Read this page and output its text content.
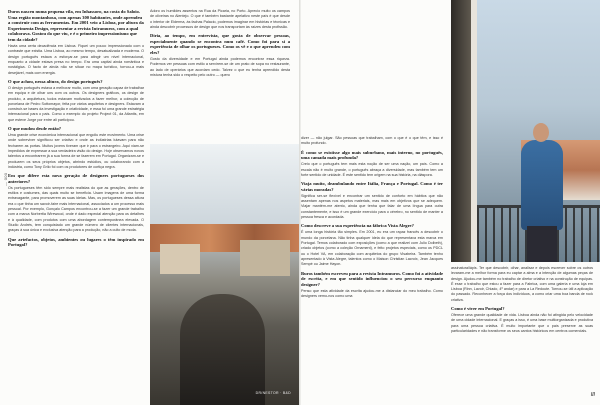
— 000

Duros nasceu numa pequena vila, em Inhassoro, na costa do Saloio. Uma região montanhosa, com apenas 300 habitantes, onde aprendeu a construir com as ferramentas. Em 2001 veio a Lisboa, por altura da Experimenta Design, representar a revista Intramuros, com a qual colaborava. Gostou do que viu, e é o primeiro impressionismo que tem da cidade?

Havia uma certa decadência em Lisboa. Fiquei um pouco impressionado com o contraste que existia. Uma Lisboa, ao mesmo tempo, desatualizada e moderna. O design português estava a esforçar-se para atingir um nível internacional, enquanto a cidade estava presa no tempo. Era uma capital ainda romântica e nostálgica. O facto de ainda não se situar no mapa turístico, tornou-a mais desejável, mais com energia.

O que achou, nessa altura, do design português?

O design português estava a melhorar muito, com uma geração capaz de trabalhar em equipa e de olhar uns com os outros. Os designers gráficos, os design de produto, a arquitetura, todos estavam motivados a fazer melhor, a colecção de porcelana de Pedro Sottomayor, feita por vários arquitetos e designers. Estavam a construir-se bases da investigação e criatividade, e essa foi uma grande estratégia internacional para o país. Como o exemplo do projeto Project 01, da Atlantis, em que esteve Jorge por entre ali participou.

O que mudou desde então?

Uma grande crise económica internacional que engoliu este movimento. Uma crise onde sobreviver significou ser criativo e onde as indústrias lutavam para não fecharem as portas. Muitos jovens tiveram que ir para o estrangeiro. Aqui viam-se impedidos de expressar a sua verdadeira visão do design. Hoje observamos novos talentos a encontrarem já a sua forma de se fazerem em Portugal. Organizam-se e produzem os seus próprios objetos, abrindo estúdios, ou colaborando com a indústria, como Tony Grilo foi com os produtores de cortiça negra.

Em que difere esta nova geração de designers portugueses dos anteriores?

Os portugueses têm sido sempre mais realistas do que as gerações, dentro de estilos e costumes, das quais muito se beneficia. Usam imagens de uma forma extravagante, para promoverem as suas ideias. Mas, os portugueses dessa altura era o que tinha um savoir-faire mais internacional, associados a um processo mais pessoal. Por exemplo, Gonçalo Campos encontrou-se a fazer um grande trabalho com a marca Norbertia Wirewood, onde é dado especial atenção para os detalhes e à qualidade, com produtos com uma abordagem contemporânea elevada. O Studio Andrés, tem conquistado um grande número de clientes internacionais, graças à sua única e exclusiva atenção para a produção, não a culto de moda.

Que artefactos, objetos, ambientes ou lugares o têm inspirado em Portugal?

Adoro os humildes assentos na Rua da Picaria, no Porto. Aprecio muito os campos de oliveiras no Alentejo. O que é também bastante apelativo neste país é que desde o interior de Elderma, às fachas Palacio, podemos imaginar em histórias e técnicas e ainda descobrir processos de design que nos transportam às raízes desta profissão.

Diria, ao tempo, em entrevista, que gosta de observar pessoas, especialmente quando se encontra num café. Como foi para si a experiência de olhar os portugueses. Como os vê e o que aprendeu com eles?

Gosto da diversidade e em Portugal ainda podemos encontrar essa riqueza. Podemos ver pessoas com estilo a servirem-se de um prato de sopa no restaurante, ao lado de operários que acordam cedo. Talvez o que eu tenha aprendido desta mistura tenha sido o respeito pelo outro — quero

DR/NESTOR · B&D

dizer — não julgar. São pessoas que trabalham, com o que é o que têm, e isso é muito profundo.

É como se existisse algo mais suburbano, mais interno, no português, uma camada mais profunda?

Creio que o português tem mais esta noção de ser uma nação, um país. Como a escala não é muito grande, o português abraça a diversidade, mas também tem um forte sentido de unidade. É este sentido tem origem na sua história, na diáspora.

Viaja muito, deambulando entre Itália, França e Portugal. Como é ter várias moradas?

Significa ser-se flexível e encontrar um sentido de conforto em hábitos que não assentam apenas nos aspetos materiais, mas mais em objetivos que se adequem. Viajar mantém-me atento, ainda que tenha que falar de uma língua para outra constantemente, e isso é um grande exercício para o cérebro, no sentido de manter a pessoa fresca e acordada.

Como descreve a sua experiência na fábrica Vista Alegre?

É uma longa história tão simples. Em 2001, eu era um rapaz francês a descobrir o mundo da porcelana. Não tinha qualquer ideia do que representava esta marca em Portugal. Temos colaborado com exposições (como a que realizei com Julio Dolbeth), criado objetos (como a coleção Ornament), e feito projetos especiais, como os PDCL ou o Hotel VA, em colaboração com arquitetos do grupo Visabeira. Também tenho apresentado à Vista Alegre, talentos como o Maison Christian Lacroix, Jean Jacques Sempé ou Jaime Hayon.

Buros também escreveu para a revista Intramuros. Como foi a atividade de escrita, e em que sentido influenciou o seu percurso enquanto designer?

Penso que esta atividade da escrita ajudou-me a distanciar do meu trabalho. Como designers vemo-nos como uma

assinatura/lápis. Ter que descobrir, olhar, analisar e depois escrever sobre os outros levaram-me a melhor forma para eu captar a alma e a intenção de algumas peças de design. Ajudou-me também no trabalho de diretor criativo e na construção de equipas. É esse o trabalho que estou a fazer para a Fabrica, com uma galeria e uma loja em Lisboa (Rinn, Lavoir, Chiado, 4º andar) e para a La Redoute. Tornou-se útil a aplicação do passado. Reconhecer a força dos indivíduos, a como criar uma boa banda de rock criativa.

Como é viver em Portugal?

Oferece uma grande qualidade de vida. Lisboa ainda não foi atingida pelo velocidade de uma cidade internacional. E graças a isso, é uma base multiorganizada e produtiva para uma pessoa criativa. É muito importante que o país preserve as suas particularidades e não transforme os seus cantos históricos em centros comerciais.

///
